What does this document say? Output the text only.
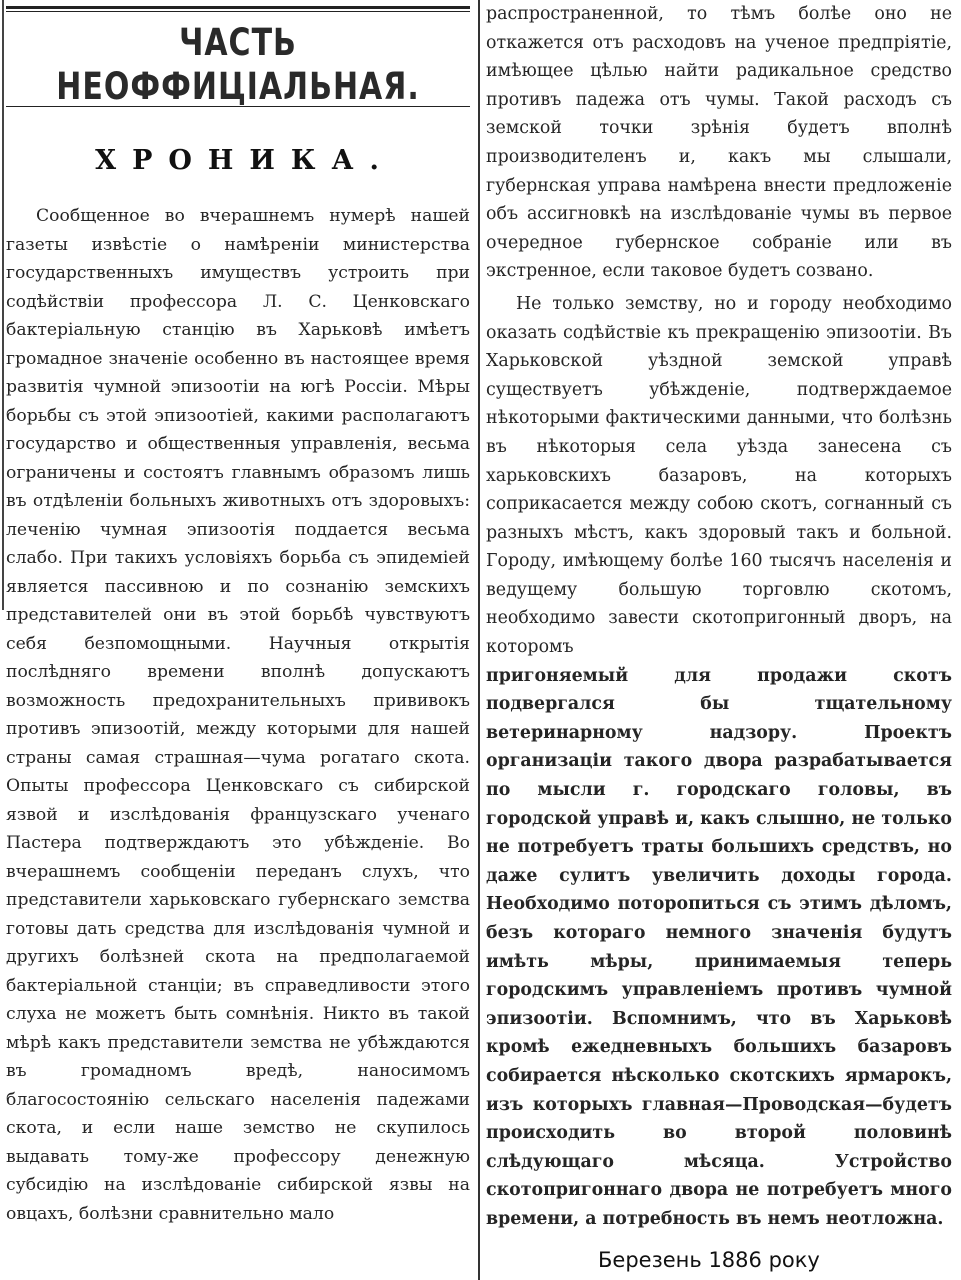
ЧАСТЬ НЕОФФИЦІАЛЬНАЯ.
ХРОНИКА.

Сообщенное во вчерашнемъ нумерѣ нашей газеты извѣстіе о намѣреніи министерства государственныхъ имуществъ устроить при содѣйствіи профессора Л. С. Ценковскаго бактеріальную станцію въ Харьковѣ имѣетъ громадное значеніе особенно въ настоящее время развитія чумной эпизоотіи на югѣ Россіи. Мѣры борьбы съ этой эпизоотіей, какими располагаютъ государство и общественныя управленія, весьма ограничены и состоятъ главнымъ образомъ лишь въ отдѣленіи больныхъ животныхъ отъ здоровыхъ: леченію чумная эпизоотія поддается весьма слабо. При такихъ условіяхъ борьба съ эпидеміей является пассивною и по сознанію земскихъ представителей они въ этой борьбѣ чувствуютъ себя безпомощными. Научныя открытія послѣдняго времени вполнѣ допускаютъ возможность предохранительныхъ прививокъ противъ эпизоотій, между которыми для нашей страны самая страшная—чума рогатаго скота. Опыты профессора Ценковскаго съ сибирской язвой и изслѣдованія французскаго ученаго Пастера подтверждаютъ это убѣжденіе. Во вчерашнемъ сообщеніи переданъ слухъ, что представители харьковскаго губернскаго земства готовы дать средства для изслѣдованія чумной и другихъ болѣзней скота на предполагаемой бактеріальной станціи; въ справедливости этого слуха не можетъ быть сомнѣнія. Никто въ такой мѣрѣ какъ представители земства не убѣждаются въ громадномъ вредѣ, наносимомъ благосостоянію сельскаго населенія падежами скота, и если наше земство не скупилось выдавать тому-же профессору денежную субсидію на изслѣдованіе сибирской язвы на овцахъ, болѣзни сравнительно мало

распространенной, то тѣмъ болѣе оно не откажется отъ расходовъ на ученое предпріятіе, имѣющее цѣлью найти радикальное средство противъ падежа отъ чумы. Такой расходъ съ земской точки зрѣнія будетъ вполнѣ производителенъ и, какъ мы слышали, губернская управа намѣрена внести предложеніе объ ассигновкѣ на изслѣдованіе чумы въ первое очередное губернское собраніе или въ экстренное, если таковое будетъ созвано.

Не только земству, но и городу необходимо оказать содѣйствіе къ прекращенію эпизоотіи. Въ Харьковской уѣздной земской управѣ существуетъ убѣжденіе, подтверждаемое нѣкоторыми фактическими данными, что болѣзнь въ нѣкоторыя села уѣзда занесена съ харьковскихъ базаровъ, на которыхъ соприкасается между собою скотъ, согнанный съ разныхъ мѣстъ, какъ здоровый такъ и больной. Городу, имѣющему болѣе 160 тысячъ населенія и ведущему большую торговлю скотомъ, необходимо завести скотопригонный дворъ, на которомъ

пригоняемый для продажи скотъ подвергался бы тщательному ветеринарному надзору. Проектъ организаціи такого двора разрабатывается по мысли г. городскаго головы, въ городской управѣ и, какъ слышно, не только не потребуетъ траты большихъ средствъ, но даже сулитъ увеличить доходы города. Необходимо поторопиться съ этимъ дѣломъ, безъ котораго немного значенія будутъ имѣть мѣры, принимаемыя теперь городскимъ управленіемъ противъ чумной эпизоотіи. Вспомнимъ, что въ Харьковѣ кромѣ ежедневныхъ большихъ базаровъ собирается нѣсколько скотскихъ ярмарокъ, изъ которыхъ главная—Проводская—будетъ происходить во второй половинѣ слѣдующаго мѣсяца. Устройство скотопригоннаго двора не потребуетъ много времени, а потребность въ немъ неотложна.

Березень 1886 року
